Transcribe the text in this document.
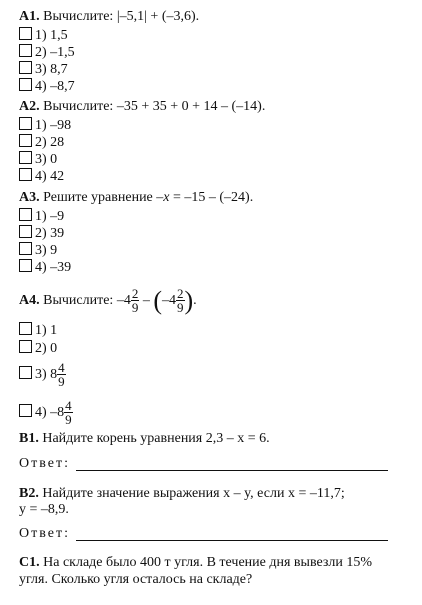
А1. Вычислите: |–5,1| + (–3,6).
1) 1,5
2) –1,5
3) 8,7
4) –8,7
А2. Вычислите: –35 + 35 + 0 + 14 – (–14).
1) –98
2) 28
3) 0
4) 42
А3. Решите уравнение –x = –15 – (–24).
1) –9
2) 39
3) 9
4) –39
А4. Вычислите: $-4 \frac{2}{9} - (-4 \frac{2}{9}$ ).
1) 1
2) 0
3) $8 \frac{4}{9}$
4) $-8 \frac{4}{9}$
В1. Найдите корень уравнения 2,3 – x = 6.
Ответ:
В2. Найдите значение выражения x – y, если x = –11,7;
y = –8,9.
Ответ:
С1. На складе было 400 т угля. В течение дня вывезли 15%
угля. Сколько угля осталось на складе?
